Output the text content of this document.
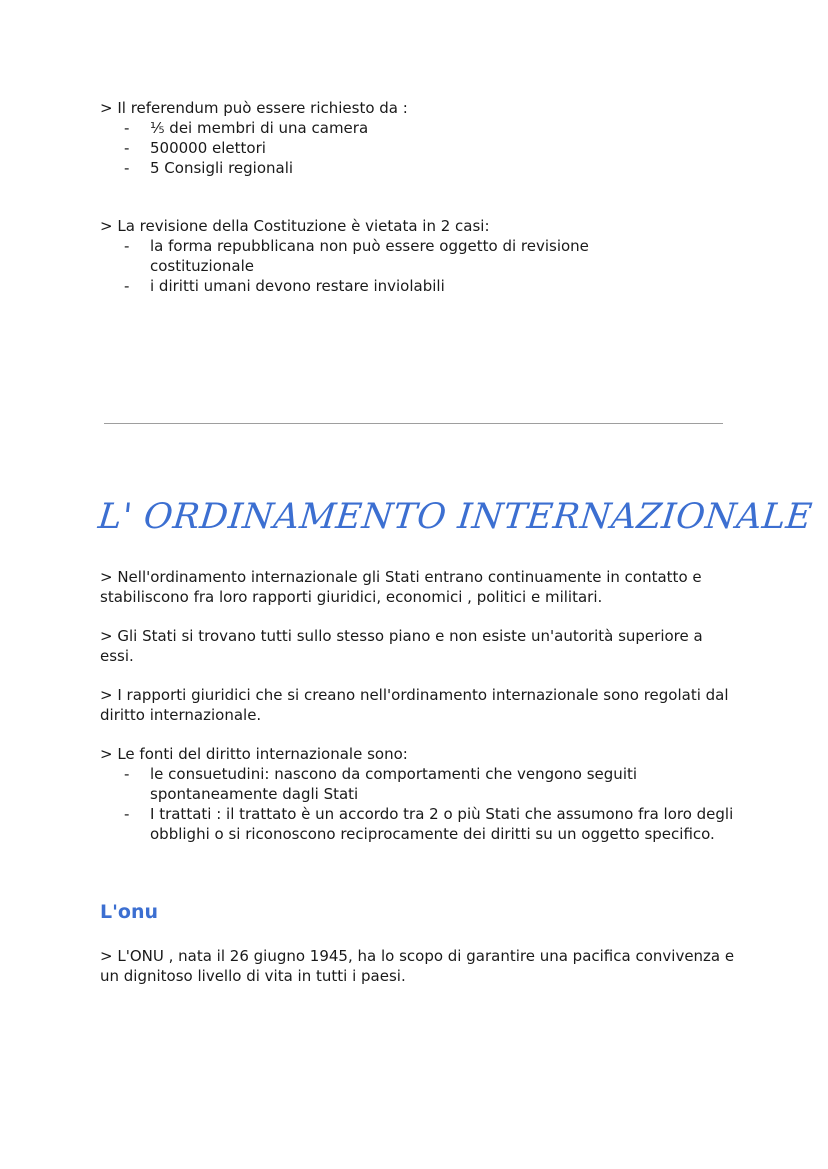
> Il referendum può essere richiesto da :

- ⅕ dei membri di una camera
- 500000 elettori
- 5 Consigli regionali

> La revisione della Costituzione è vietata in 2 casi:

- la forma repubblicana non può essere oggetto di revisione costituzionale
- i diritti umani devono restare inviolabili
L' ORDINAMENTO INTERNAZIONALE

> Nell'ordinamento internazionale gli Stati entrano continuamente in contatto e stabiliscono fra loro rapporti giuridici, economici , politici e militari.

> Gli Stati si trovano tutti sullo stesso piano e non esiste un'autorità superiore a essi.

> I rapporti giuridici che si creano nell'ordinamento internazionale sono regolati dal diritto internazionale.

> Le fonti del diritto internazionale sono:

- le consuetudini: nascono da comportamenti che vengono seguiti spontaneamente dagli Stati
- I trattati : il trattato è un accordo tra 2 o più Stati che assumono fra loro degli obblighi o si riconoscono reciprocamente dei diritti su un oggetto specifico.
L'onu

> L'ONU , nata il 26 giugno 1945, ha lo scopo di garantire una pacifica convivenza e un dignitoso livello di vita in tutti i paesi.
